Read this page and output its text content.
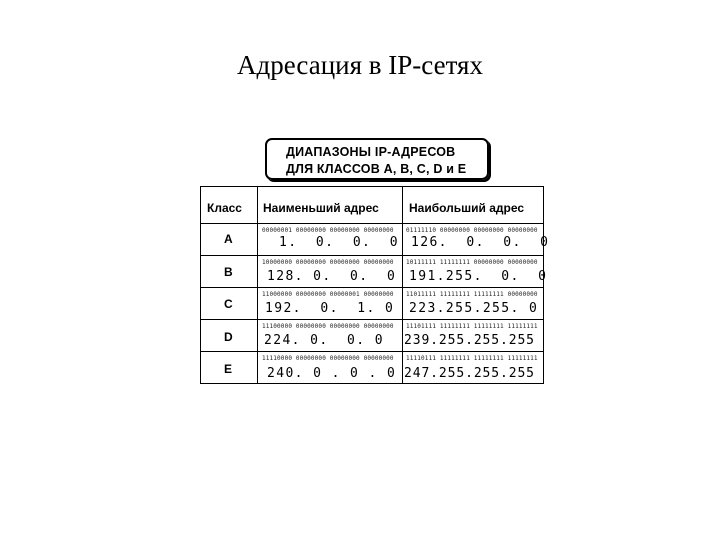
Адресация в IP-сетях
ДИАПАЗОНЫ IP-АДРЕСОВ
ДЛЯ КЛАССОВ A, B, C, D и E
Класс Наименьший адрес	Наибольший адрес
A
00000001 00000000 00000000 00000000
1.  0.  0.  0
01111110 00000000 00000000 00000000
126.  0.  0.  0
B
10000000 00000000 00000000 00000000
128. 0.  0.  0
10111111 11111111 00000000 00000000
191.255.  0.  0
C
11000000 00000000 00000001 00000000
192.  0.  1. 0
11011111 11111111 11111111 00000000
223.255.255. 0
D
11100000 00000000 00000000 00000000
224. 0.  0. 0
11101111 11111111 11111111 11111111
239.255.255.255
E
11110000 00000000 00000000 00000000
240. 0 . 0 . 0
11110111 11111111 11111111 11111111
247.255.255.255
